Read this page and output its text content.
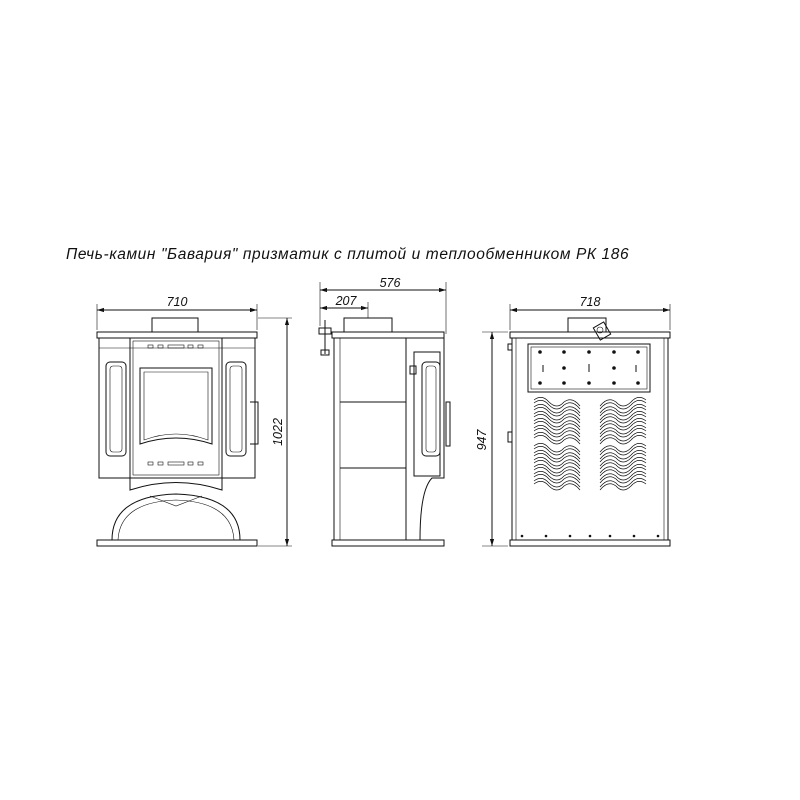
Печь-камин "Бавария" призматик с плитой и теплообменником РК 186
710
1022
576
207	718
947
